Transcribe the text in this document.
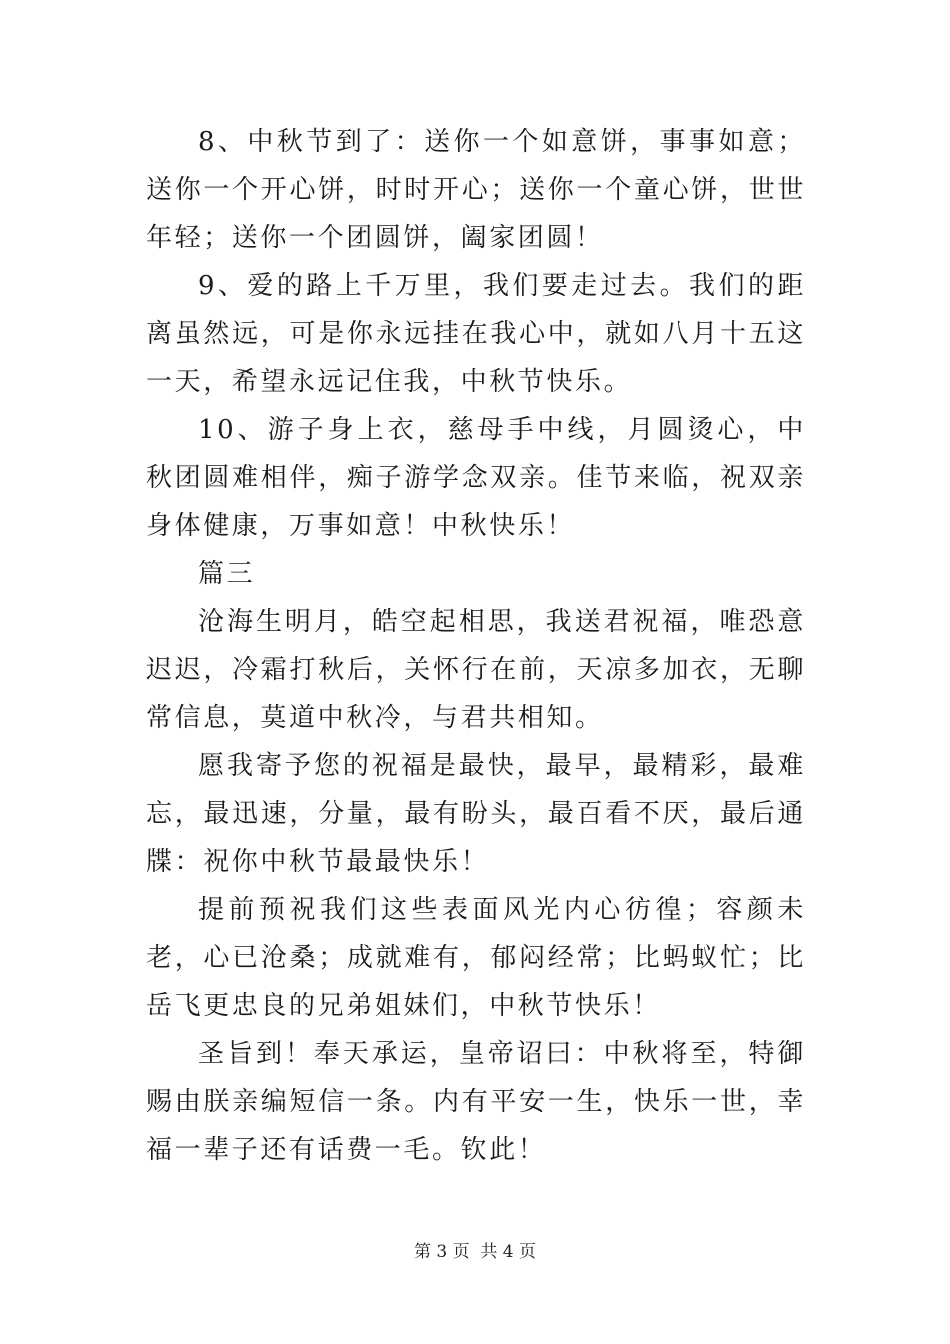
8、中秋节到了：送你一个如意饼，事事如意；送你一个开心饼，时时开心；送你一个童心饼，世世年轻；送你一个团圆饼，阖家团圆！

9、爱的路上千万里，我们要走过去。我们的距离虽然远，可是你永远挂在我心中，就如八月十五这一天，希望永远记住我，中秋节快乐。

10、游子身上衣，慈母手中线，月圆烫心，中秋团圆难相伴，痴子游学念双亲。佳节来临，祝双亲身体健康，万事如意！中秋快乐！

篇三

沧海生明月，皓空起相思，我送君祝福，唯恐意迟迟，冷霜打秋后，关怀行在前，天凉多加衣，无聊常信息，莫道中秋冷，与君共相知。

愿我寄予您的祝福是最快，最早，最精彩，最难忘，最迅速，分量，最有盼头，最百看不厌，最后通牒：祝你中秋节最最快乐！

提前预祝我们这些表面风光内心彷徨；容颜未老，心已沧桑；成就难有，郁闷经常；比蚂蚁忙；比岳飞更忠良的兄弟姐妹们，中秋节快乐！

圣旨到！奉天承运，皇帝诏曰：中秋将至，特御赐由朕亲编短信一条。内有平安一生，快乐一世，幸福一辈子还有话费一毛。钦此！

第 3 页  共 4 页
